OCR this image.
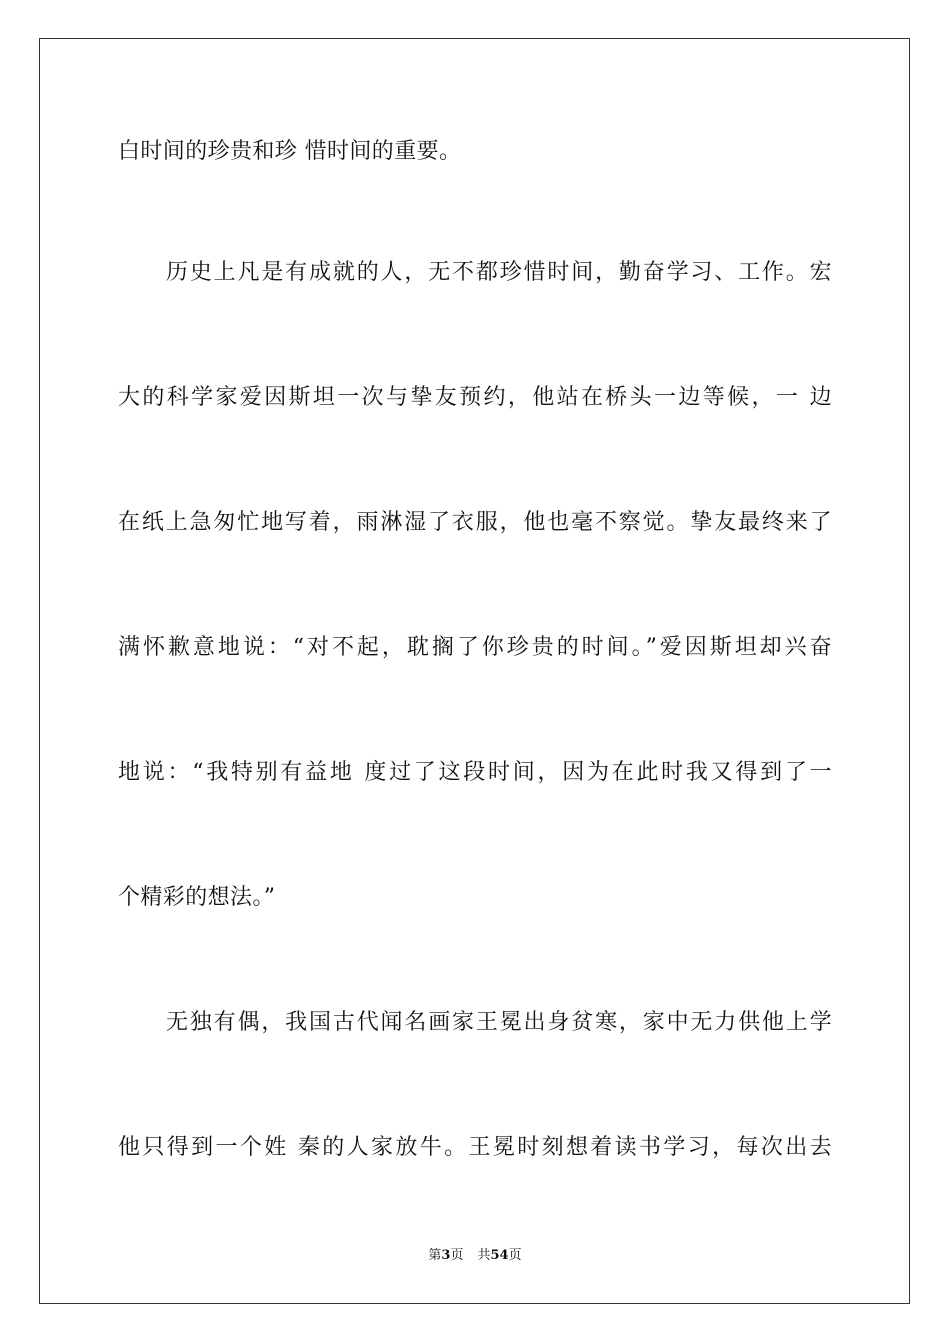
白时间的珍贵和珍 惜时间的重要。
历史上凡是有成就的人，无不都珍惜时间，勤奋学习、工作。宏
大的科学家爱因斯坦一次与挚友预约，他站在桥头一边等候，一 边
在纸上急匆忙地写着，雨淋湿了衣服，他也毫不察觉。挚友最终来了
满怀歉意地说：“对不起，耽搁了你珍贵的时间。”爱因斯坦却兴奋
地说：“我特别有益地 度过了这段时间，因为在此时我又得到了一
个精彩的想法。”
无独有偶，我国古代闻名画家王冕出身贫寒，家中无力供他上学
他只得到一个姓 秦的人家放牛。王冕时刻想着读书学习，每次出去
第3页 共54页
